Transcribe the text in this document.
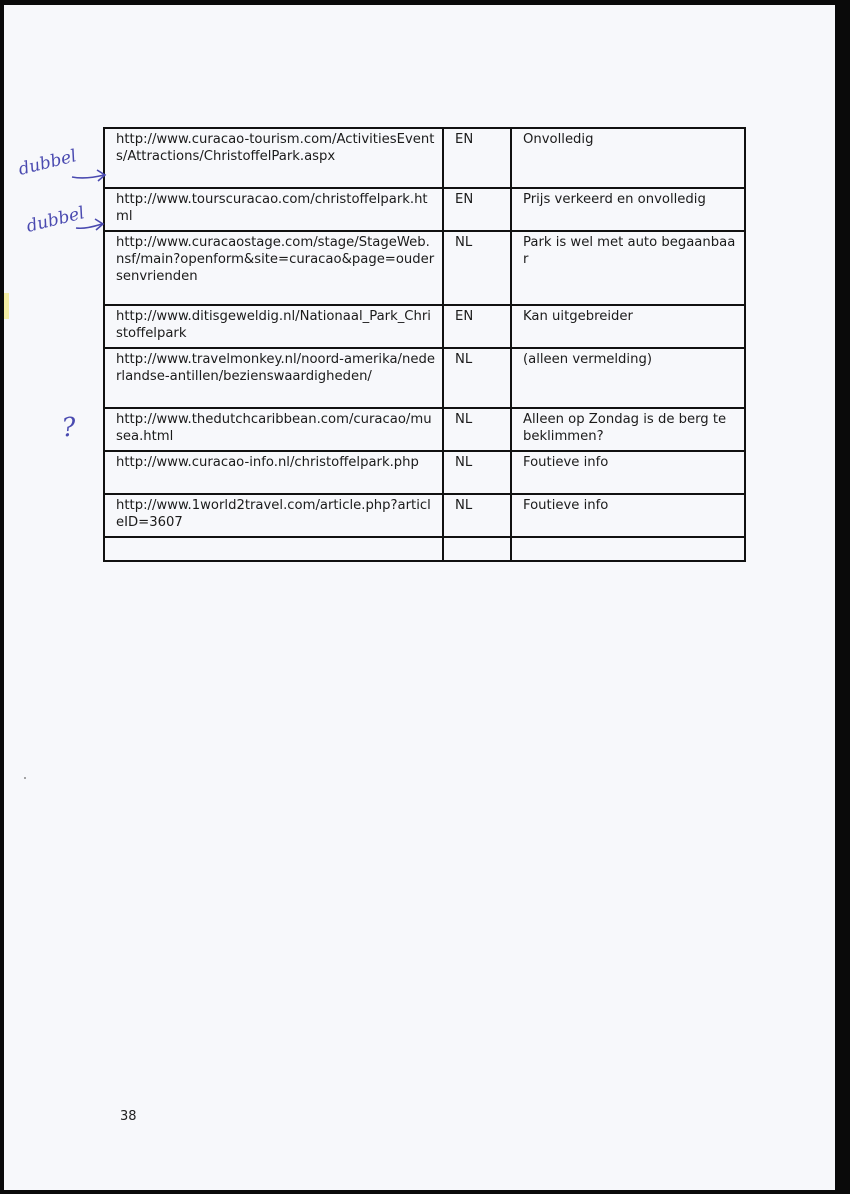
http://www.curacao-tourism.com/ActivitiesEvents/Attractions/ChristoffelPark.aspx	EN	Onvolledig
http://www.tourscuracao.com/christoffelpark.html	EN	Prijs verkeerd en onvolledig
http://www.curacaostage.com/stage/StageWeb.nsf/main?openform&site=curacao&page=oudersenvrienden	NL	Park is wel met auto begaanbaar
http://www.ditisgeweldig.nl/Nationaal_Park_Christoffelpark	EN	Kan uitgebreider
http://www.travelmonkey.nl/noord-amerika/nederlandse-antillen/bezienswaardigheden/	NL	(alleen vermelding)
http://www.thedutchcaribbean.com/curacao/musea.html	NL	Alleen op Zondag is de berg te beklimmen?
http://www.curacao-info.nl/christoffelpark.php	NL	Foutieve info
http://www.1world2travel.com/article.php?articleID=3607	NL	Foutieve info

dubbel
dubbel
?
38
